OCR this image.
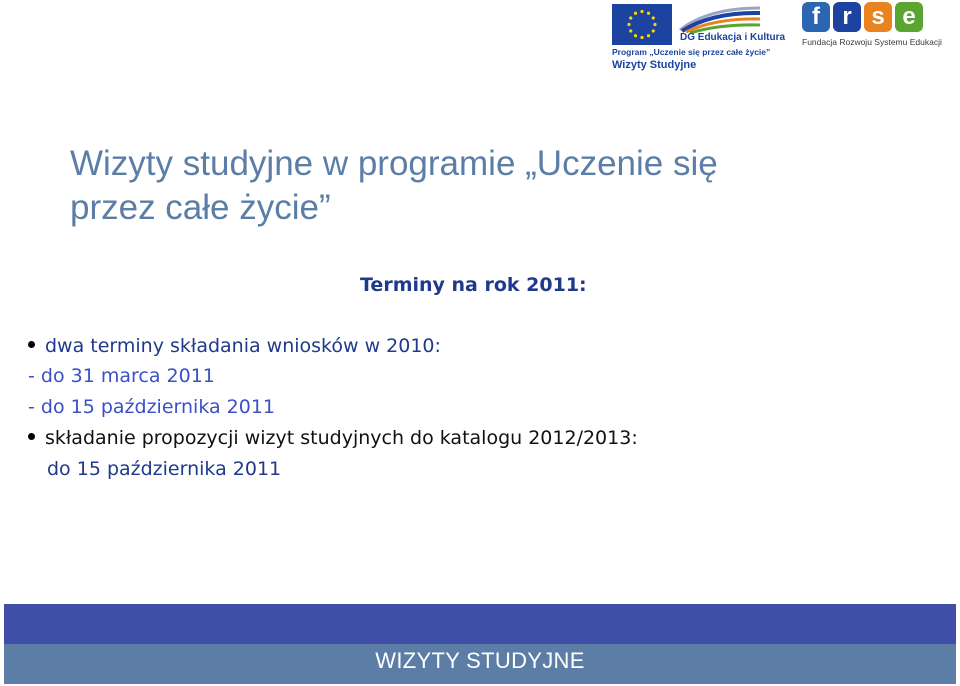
DG Edukacja i Kultura
Program „Uczenie się przez całe życie”
Wizyty Studyjne
f r s e
Fundacja Rozwoju Systemu Edukacji
Wizyty studyjne w programie „Uczenie się
przez całe życie”
Terminy na rok 2011:
dwa terminy składania wniosków w 2010:
- do 31 marca 2011
- do 15 października 2011
składanie propozycji wizyt studyjnych do katalogu 2012/2013:
do 15 października 2011
WIZYTY STUDYJNE
